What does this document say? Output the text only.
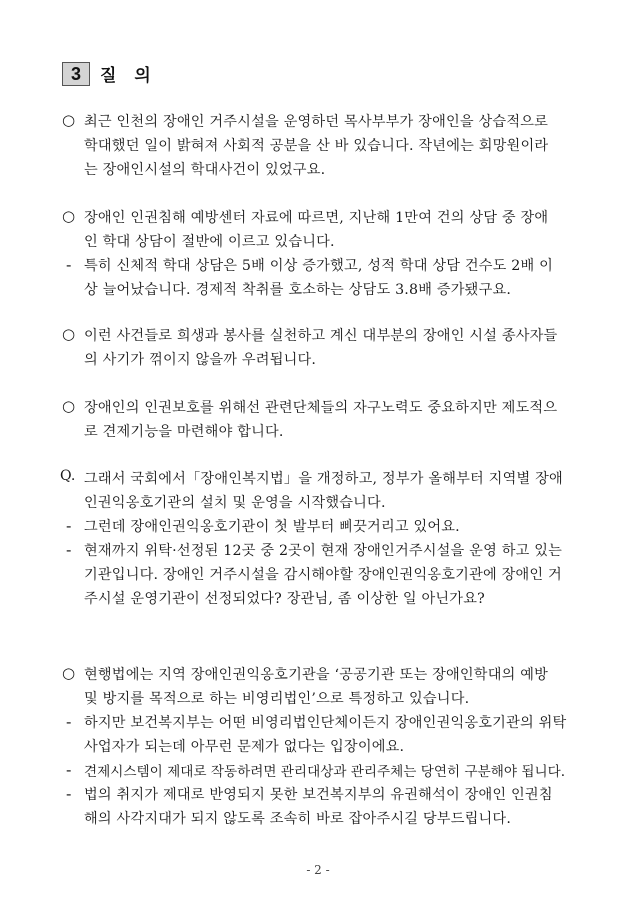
3	질 의
○ 최근 인천의 장애인 거주시설을 운영하던 목사부부가 장애인을 상습적으로
학대했던 일이 밝혀져 사회적 공분을 산 바 있습니다. 작년에는 회망원이라
는 장애인시설의 학대사건이 있었구요.
○ 장애인 인권침해 예방센터 자료에 따르면, 지난해 1만여 건의 상담 중 장애
인 학대 상담이 절반에 이르고 있습니다.
- 특히 신체적 학대 상담은 5배 이상 증가했고, 성적 학대 상담 건수도 2배 이
상 늘어났습니다. 경제적 착취를 호소하는 상담도 3.8배 증가됐구요.
○ 이런 사건들로 희생과 봉사를 실천하고 계신 대부분의 장애인 시설 종사자들
의 사기가 꺾이지 않을까 우려됩니다.
○ 장애인의 인권보호를 위해선 관련단체들의 자구노력도 중요하지만 제도적으
로 견제기능을 마련해야 합니다.
Q. 그래서 국회에서「장애인복지법」을 개정하고, 정부가 올해부터 지역별 장애
인권익옹호기관의 설치 및 운영을 시작했습니다.
- 그런데 장애인권익옹호기관이 첫 발부터 삐끗거리고 있어요.
- 현재까지 위탁·선정된 12곳 중 2곳이 현재 장애인거주시설을 운영 하고 있는
기관입니다. 장애인 거주시설을 감시해야할 장애인권익옹호기관에 장애인 거
주시설 운영기관이 선정되었다? 장관님, 좀 이상한 일 아닌가요?
○ 현행법에는 지역 장애인권익옹호기관을 ‘공공기관 또는 장애인학대의 예방
및 방지를 목적으로 하는 비영리법인’으로 특정하고 있습니다.
- 하지만 보건복지부는 어떤 비영리법인단체이든지 장애인권익옹호기관의 위탁
사업자가 되는데 아무런 문제가 없다는 입장이에요.
- 견제시스템이 제대로 작동하려면 관리대상과 관리주체는 당연히 구분해야 됩니다.
- 법의 취지가 제대로 반영되지 못한 보건복지부의 유권해석이 장애인 인권침
해의 사각지대가 되지 않도록 조속히 바로 잡아주시길 당부드립니다.
- 2 -
